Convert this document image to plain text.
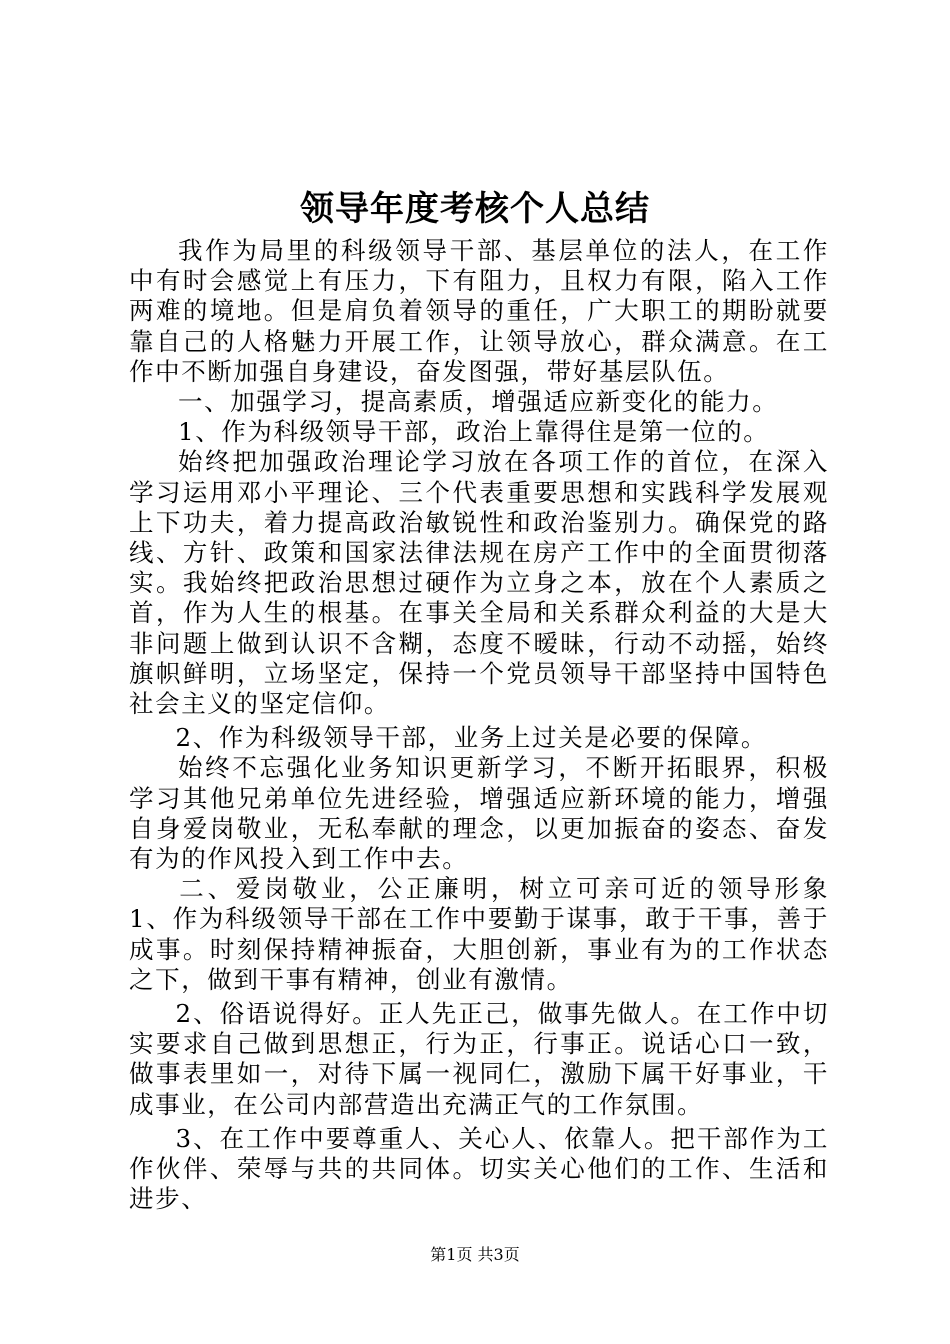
领导年度考核个人总结

我作为局里的科级领导干部、基层单位的法人，在工作中有时会感觉上有压力，下有阻力，且权力有限，陷入工作两难的境地。但是肩负着领导的重任，广大职工的期盼就要靠自己的人格魅力开展工作，让领导放心，群众满意。在工作中不断加强自身建设，奋发图强，带好基层队伍。

一、加强学习，提高素质，增强适应新变化的能力。

1、作为科级领导干部，政治上靠得住是第一位的。

始终把加强政治理论学习放在各项工作的首位，在深入学习运用邓小平理论、三个代表重要思想和实践科学发展观上下功夫，着力提高政治敏锐性和政治鉴别力。确保党的路线、方针、政策和国家法律法规在房产工作中的全面贯彻落实。我始终把政治思想过硬作为立身之本，放在个人素质之首，作为人生的根基。在事关全局和关系群众利益的大是大非问题上做到认识不含糊，态度不暧昧，行动不动摇，始终旗帜鲜明，立场坚定，保持一个党员领导干部坚持中国特色社会主义的坚定信仰。

2、作为科级领导干部，业务上过关是必要的保障。

始终不忘强化业务知识更新学习，不断开拓眼界，积极学习其他兄弟单位先进经验，增强适应新环境的能力，增强自身爱岗敬业，无私奉献的理念，以更加振奋的姿态、奋发有为的作风投入到工作中去。

二、爱岗敬业，公正廉明，树立可亲可近的领导形象 1、作为科级领导干部在工作中要勤于谋事，敢于干事，善于成事。时刻保持精神振奋，大胆创新，事业有为的工作状态之下，做到干事有精神，创业有激情。

2、俗语说得好。正人先正己，做事先做人。在工作中切实要求自己做到思想正，行为正，行事正。说话心口一致，做事表里如一，对待下属一视同仁，激励下属干好事业，干成事业，在公司内部营造出充满正气的工作氛围。

3、在工作中要尊重人、关心人、依靠人。把干部作为工作伙伴、荣辱与共的共同体。切实关心他们的工作、生活和进步、

第1页 共3页
